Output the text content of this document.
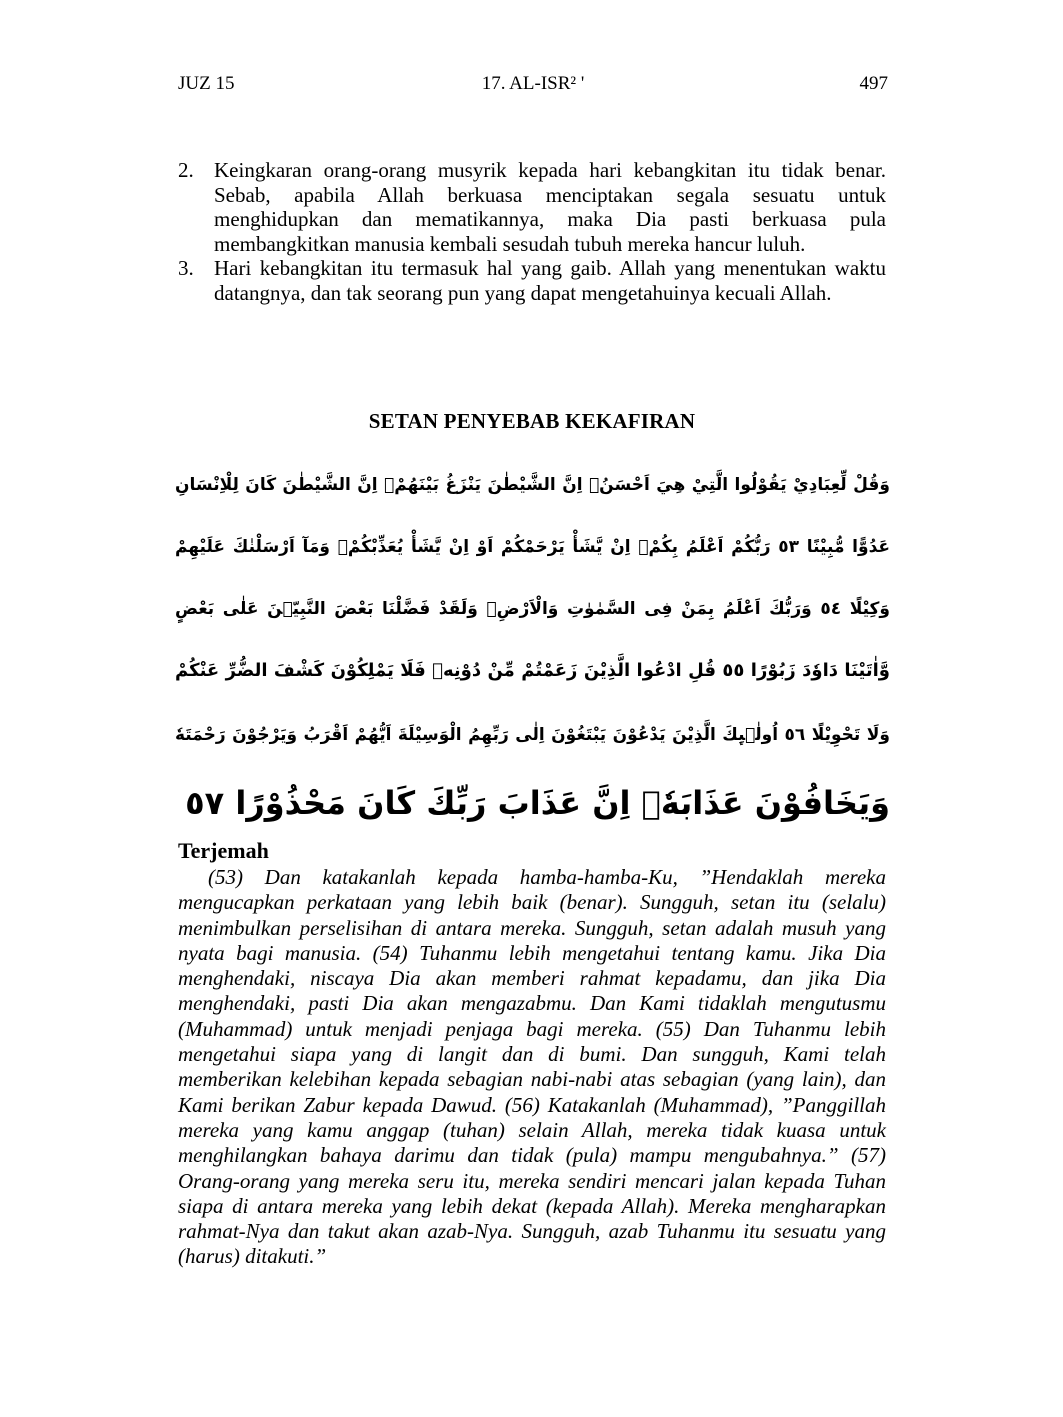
JUZ 15	17. AL-ISR² '	497
2. Keingkaran orang-orang musyrik kepada hari kebangkitan itu tidak benar. Sebab, apabila Allah berkuasa menciptakan segala sesuatu untuk menghidupkan dan mematikannya, maka Dia pasti berkuasa pula membangkitkan manusia kembali sesudah tubuh mereka hancur luluh.
3. Hari kebangkitan itu termasuk hal yang gaib. Allah yang menentukan waktu datangnya, dan tak seorang pun yang dapat mengetahuinya kecuali Allah.
SETAN PENYEBAB KEKAFIRAN
وَقُلْ لِّعِبَادِيْ يَقُوْلُوا الَّتِيْ هِيَ اَحْسَنُۗ اِنَّ الشَّيْطٰنَ يَنْزَغُ بَيْنَهُمْۗ اِنَّ الشَّيْطٰنَ كَانَ لِلْاِنْسَانِ
عَدُوًّا مُّبِيْنًا ٥٣ رَبُّكُمْ اَعْلَمُ بِكُمْۗ اِنْ يَّشَأْ يَرْحَمْكُمْ اَوْ اِنْ يَّشَأْ يُعَذِّبْكُمْۗ وَمَآ اَرْسَلْنٰكَ عَلَيْهِمْ
وَكِيْلًا ٥٤ وَرَبُّكَ اَعْلَمُ بِمَنْ فِى السَّمٰوٰتِ وَالْاَرْضِۗ وَلَقَدْ فَضَّلْنَا بَعْضَ النَّبِيّٖنَ عَلٰى بَعْضٍ
وَّاٰتَيْنَا دَاوٗدَ زَبُوْرًا ٥٥ قُلِ ادْعُوا الَّذِيْنَ زَعَمْتُمْ مِّنْ دُوْنِهٖ فَلَا يَمْلِكُوْنَ كَشْفَ الضُّرِّ عَنْكُمْ
وَلَا تَحْوِيْلًا ٥٦ اُولٰۤىِٕكَ الَّذِيْنَ يَدْعُوْنَ يَبْتَغُوْنَ اِلٰى رَبِّهِمُ الْوَسِيْلَةَ اَيُّهُمْ اَقْرَبُ وَيَرْجُوْنَ رَحْمَتَهٗ
وَيَخَافُوْنَ عَذَابَهٗۗ اِنَّ عَذَابَ رَبِّكَ كَانَ مَحْذُوْرًا ٥٧
Terjemah

(53) Dan katakanlah kepada hamba-hamba-Ku, ”Hendaklah mereka mengucapkan perkataan yang lebih baik (benar). Sungguh, setan itu (selalu) menimbulkan perselisihan di antara mereka. Sungguh, setan adalah musuh yang nyata bagi manusia. (54) Tuhanmu lebih mengetahui tentang kamu. Jika Dia menghendaki, niscaya Dia akan memberi rahmat kepadamu, dan jika Dia menghendaki, pasti Dia akan mengazabmu. Dan Kami tidaklah mengutusmu (Muhammad) untuk menjadi penjaga bagi mereka. (55) Dan Tuhanmu lebih mengetahui siapa yang di langit dan di bumi. Dan sungguh, Kami telah memberikan kelebihan kepada sebagian nabi-nabi atas sebagian (yang lain), dan Kami berikan Zabur kepada Dawud. (56) Katakanlah (Muhammad), ”Panggillah mereka yang kamu anggap (tuhan) selain Allah, mereka tidak kuasa untuk menghilangkan bahaya darimu dan tidak (pula) mampu mengubahnya.” (57) Orang-orang yang mereka seru itu, mereka sendiri mencari jalan kepada Tuhan siapa di antara mereka yang lebih dekat (kepada Allah). Mereka mengharapkan rahmat-Nya dan takut akan azab-Nya. Sungguh, azab Tuhanmu itu sesuatu yang (harus) ditakuti.”
